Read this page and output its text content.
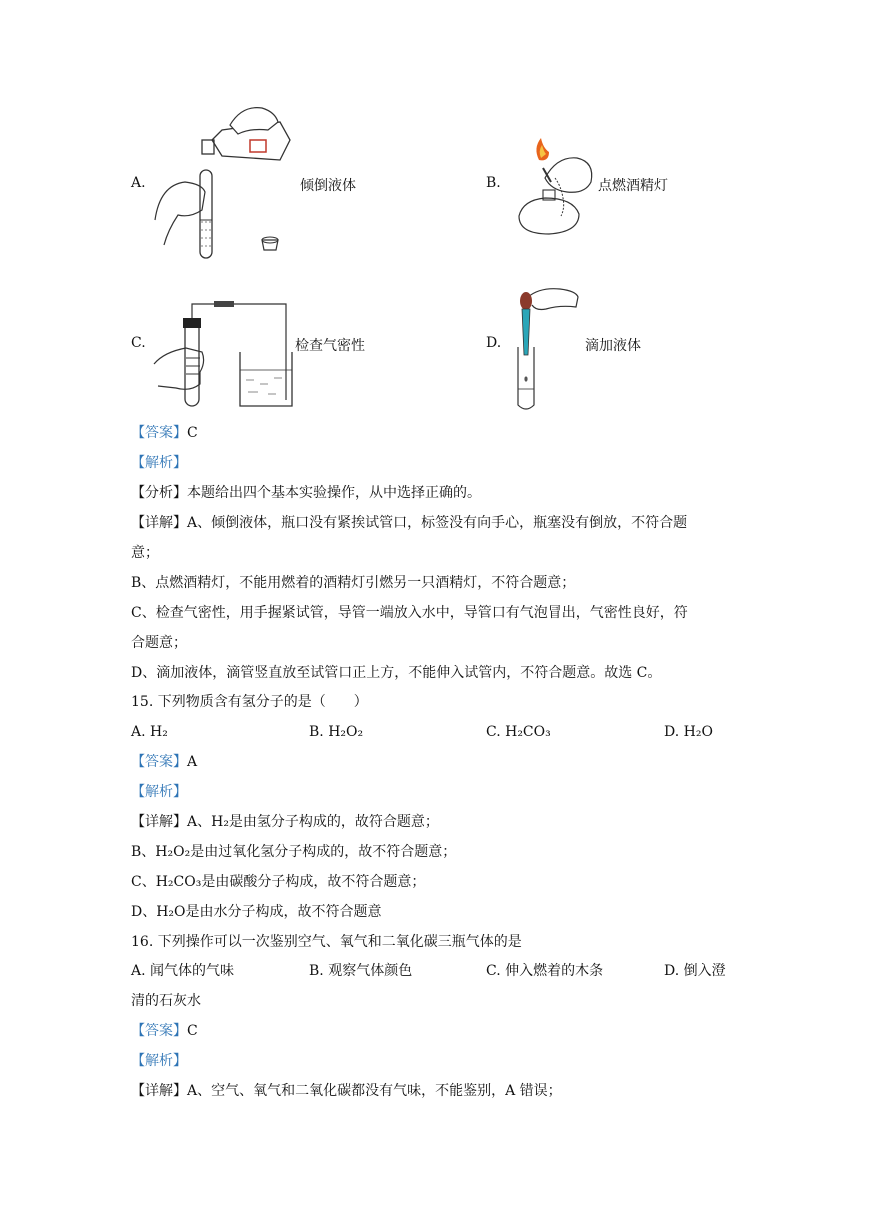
A.	倾倒液体	B.	点燃酒精灯
C.	检查气密性	D.	滴加液体
【答案】C
【解析】
【分析】本题给出四个基本实验操作，从中选择正确的。
【详解】A、倾倒液体，瓶口没有紧挨试管口，标签没有向手心，瓶塞没有倒放，不符合题
意；
B、点燃酒精灯，不能用燃着的酒精灯引燃另一只酒精灯，不符合题意；
C、检查气密性，用手握紧试管，导管一端放入水中，导管口有气泡冒出，气密性良好，符
合题意；
D、滴加液体，滴管竖直放至试管口正上方，不能伸入试管内，不符合题意。故选 C。
15. 下列物质含有氢分子的是（　　）
A. H₂	B. H₂O₂	C. H₂CO₃	D. H₂O
【答案】A
【解析】
【详解】A、H₂是由氢分子构成的，故符合题意；
B、H₂O₂是由过氧化氢分子构成的，故不符合题意；
C、H₂CO₃是由碳酸分子构成，故不符合题意；
D、H₂O是由水分子构成，故不符合题意
16. 下列操作可以一次鉴别空气、氧气和二氧化碳三瓶气体的是
A. 闻气体的气味	B. 观察气体颜色	C. 伸入燃着的木条	D. 倒入澄
清的石灰水
【答案】C
【解析】
【详解】A、空气、氧气和二氧化碳都没有气味，不能鉴别，A 错误；
